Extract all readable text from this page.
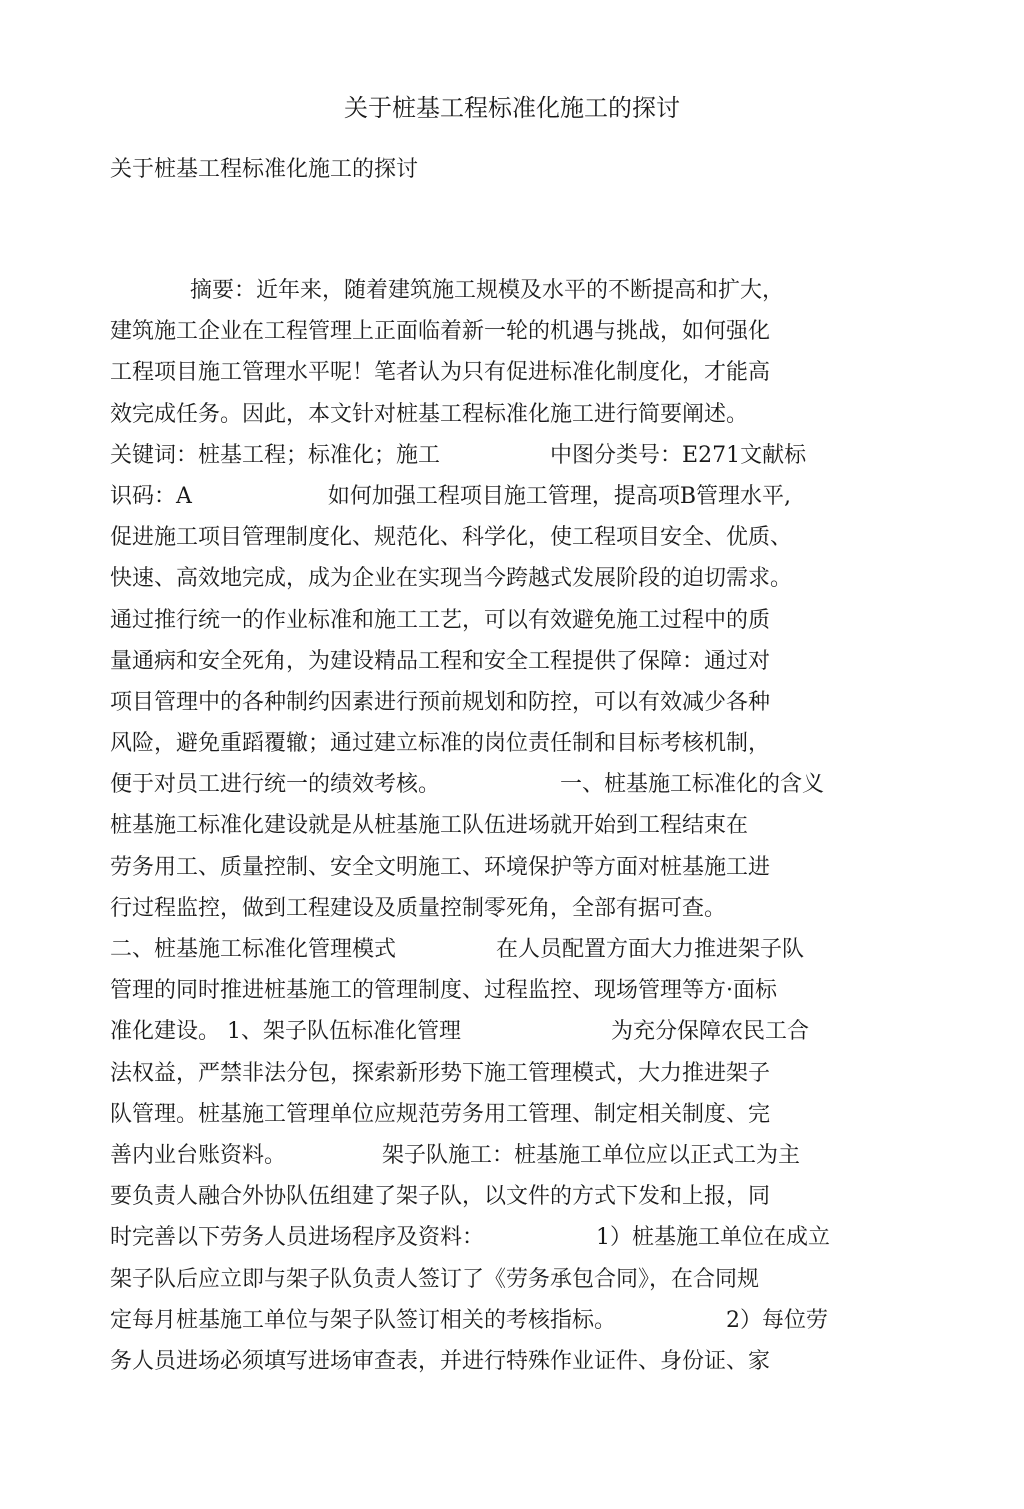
关于桩基工程标准化施工的探讨
关于桩基工程标准化施工的探讨
摘要：近年来，随着建筑施工规模及水平的不断提高和扩大，
建筑施工企业在工程管理上正面临着新一轮的机遇与挑战，如何强化
工程项目施工管理水平呢！笔者认为只有促进标准化制度化，才能高
效完成任务。因此，本文针对桩基工程标准化施工进行简要阐述。
关键词：桩基工程；标准化；施工	中图分类号：E271文献标
识码：A	如何加强工程项目施工管理，提高项B管理水平,
促进施工项目管理制度化、规范化、科学化，使工程项目安全、优质、
快速、高效地完成，成为企业在实现当今跨越式发展阶段的迫切需求。
通过推行统一的作业标准和施工工艺，可以有效避免施工过程中的质
量通病和安全死角，为建设精品工程和安全工程提供了保障：通过对
项目管理中的各种制约因素进行预前规划和防控，可以有效减少各种
风险，避免重蹈覆辙；通过建立标准的岗位责任制和目标考核机制，
便于对员工进行统一的绩效考核。	一、桩基施工标准化的含义
桩基施工标准化建设就是从桩基施工队伍进场就开始到工程结束在
劳务用工、质量控制、安全文明施工、环境保护等方面对桩基施工进
行过程监控，做到工程建设及质量控制零死角，全部有据可查。
二、桩基施工标准化管理模式	在人员配置方面大力推进架子队
管理的同时推进桩基施工的管理制度、过程监控、现场管理等方·面标
准化建设。 1、架子队伍标准化管理	为充分保障农民工合
法权益，严禁非法分包，探索新形势下施工管理模式，大力推进架子
队管理。桩基施工管理单位应规范劳务用工管理、制定相关制度、完
善内业台账资料。	架子队施工：桩基施工单位应以正式工为主
要负责人融合外协队伍组建了架子队，以文件的方式下发和上报，同
时完善以下劳务人员进场程序及资料：	1）桩基施工单位在成立
架子队后应立即与架子队负责人签订了《劳务承包合同》，在合同规
定每月桩基施工单位与架子队签订相关的考核指标。	2）每位劳
务人员进场必须填写进场审查表，并进行特殊作业证件、身份证、家
